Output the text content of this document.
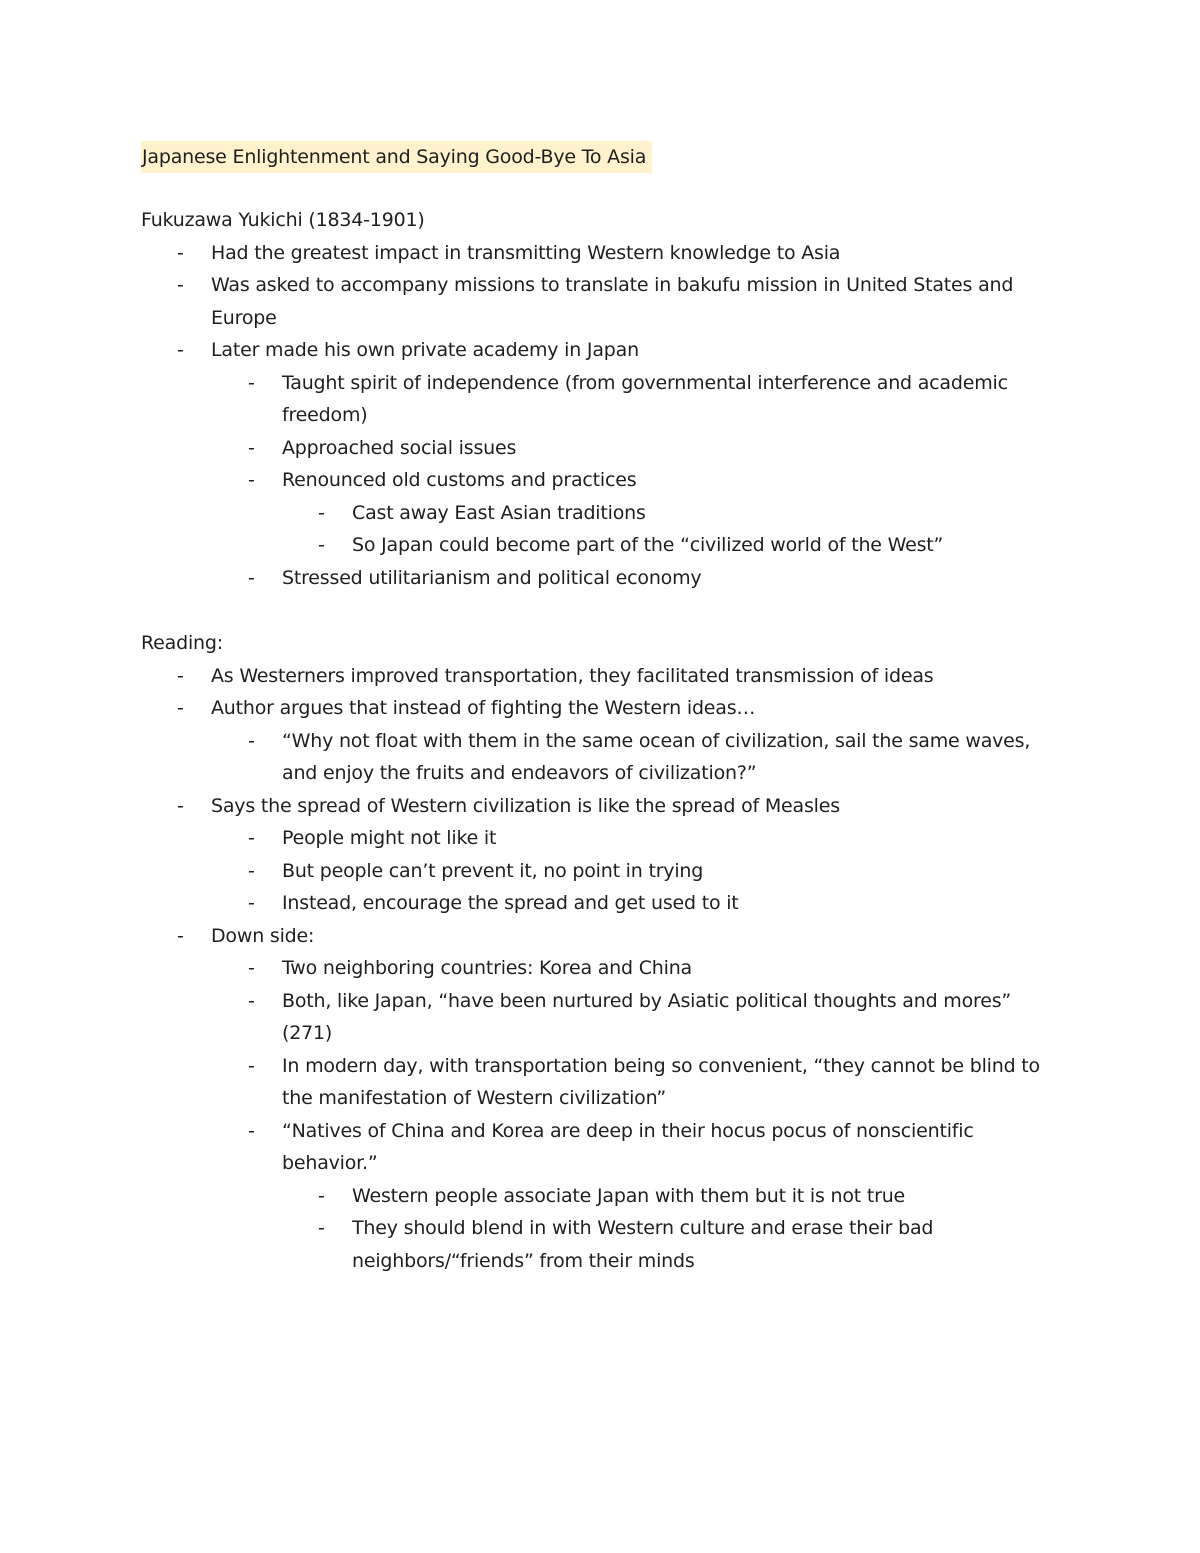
Japanese Enlightenment and Saying Good-Bye To Asia

Fukuzawa Yukichi (1834-1901)

- Had the greatest impact in transmitting Western knowledge to Asia
- Was asked to accompany missions to translate in bakufu mission in United States and Europe
- Later made his own private academy in Japan
- Taught spirit of independence (from governmental interference and academic freedom)
- Approached social issues
- Renounced old customs and practices
- Cast away East Asian traditions
- So Japan could become part of the “civilized world of the West”
- Stressed utilitarianism and political economy

Reading:

- As Westerners improved transportation, they facilitated transmission of ideas
- Author argues that instead of fighting the Western ideas…
- “Why not float with them in the same ocean of civilization, sail the same waves, and enjoy the fruits and endeavors of civilization?”
- Says the spread of Western civilization is like the spread of Measles
- People might not like it
- But people can’t prevent it, no point in trying
- Instead, encourage the spread and get used to it
- Down side:
- Two neighboring countries: Korea and China
- Both, like Japan, “have been nurtured by Asiatic political thoughts and mores” (271)
- In modern day, with transportation being so convenient, “they cannot be blind to the manifestation of Western civilization”
- “Natives of China and Korea are deep in their hocus pocus of nonscientific behavior.”
- Western people associate Japan with them but it is not true
- They should blend in with Western culture and erase their bad neighbors/“friends” from their minds
